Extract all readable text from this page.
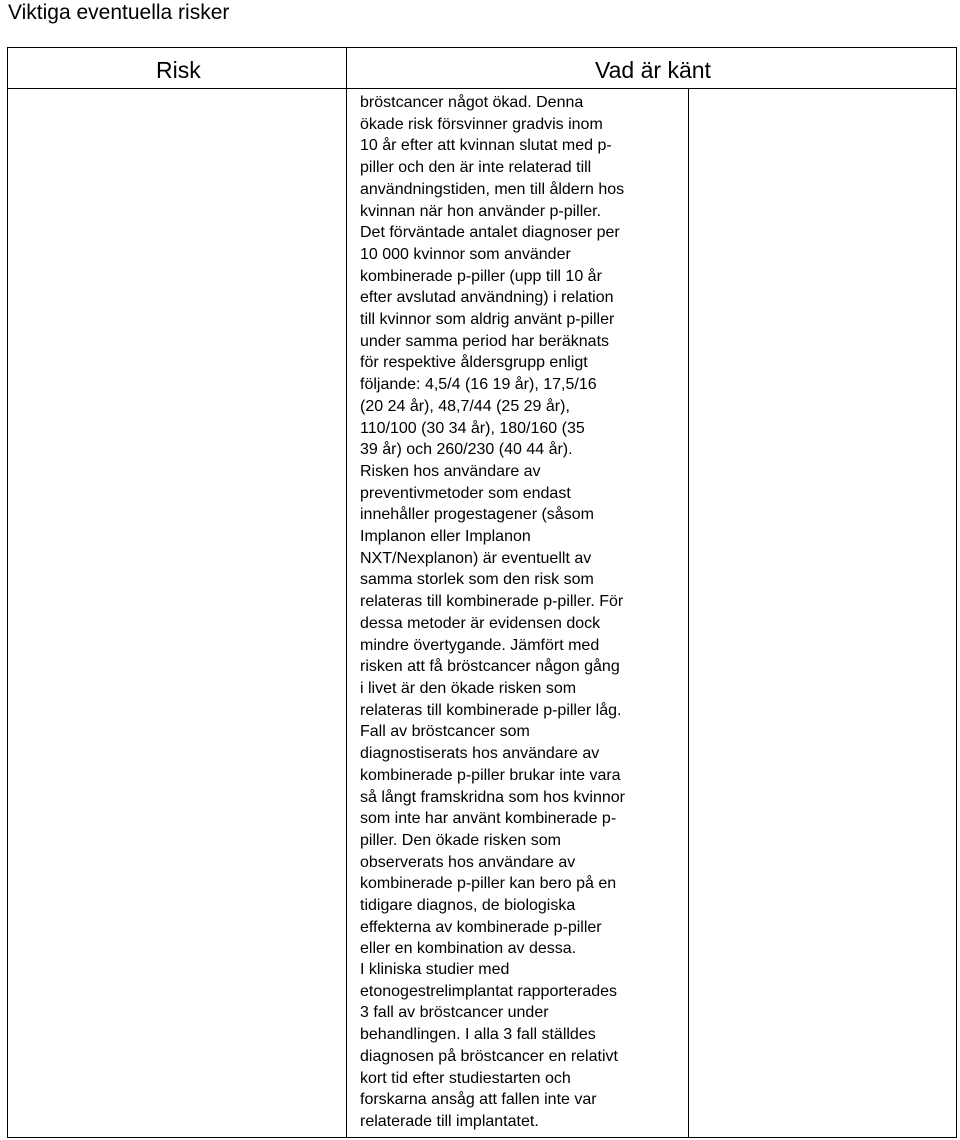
Viktiga eventuella risker
Risk	Vad är känt

bröstcancer något ökad. Denna
ökade risk försvinner gradvis inom
10 år efter att kvinnan slutat med p-
piller och den är inte relaterad till
användningstiden, men till åldern hos
kvinnan när hon använder p-piller.
Det förväntade antalet diagnoser per
10 000 kvinnor som använder
kombinerade p-piller (upp till 10 år
efter avslutad användning) i relation
till kvinnor som aldrig använt p-piller
under samma period har beräknats
för respektive åldersgrupp enligt
följande: 4,5/4 (16 19 år), 17,5/16
(20 24 år), 48,7/44 (25 29 år),
110/100 (30 34 år), 180/160 (35
39 år) och 260/230 (40 44 år).
Risken hos användare av
preventivmetoder som endast
innehåller progestagener (såsom
Implanon eller Implanon
NXT/Nexplanon) är eventuellt av
samma storlek som den risk som
relateras till kombinerade p-piller. För
dessa metoder är evidensen dock
mindre övertygande. Jämfört med
risken att få bröstcancer någon gång
i livet är den ökade risken som
relateras till kombinerade p-piller låg.
Fall av bröstcancer som
diagnostiserats hos användare av
kombinerade p-piller brukar inte vara
så långt framskridna som hos kvinnor
som inte har använt kombinerade p-
piller. Den ökade risken som
observerats hos användare av
kombinerade p-piller kan bero på en
tidigare diagnos, de biologiska
effekterna av kombinerade p-piller
eller en kombination av dessa.

I kliniska studier med
etonogestrelimplantat rapporterades
3 fall av bröstcancer under
behandlingen. I alla 3 fall ställdes
diagnosen på bröstcancer en relativt
kort tid efter studiestarten och
forskarna ansåg att fallen inte var
relaterade till implantatet.
